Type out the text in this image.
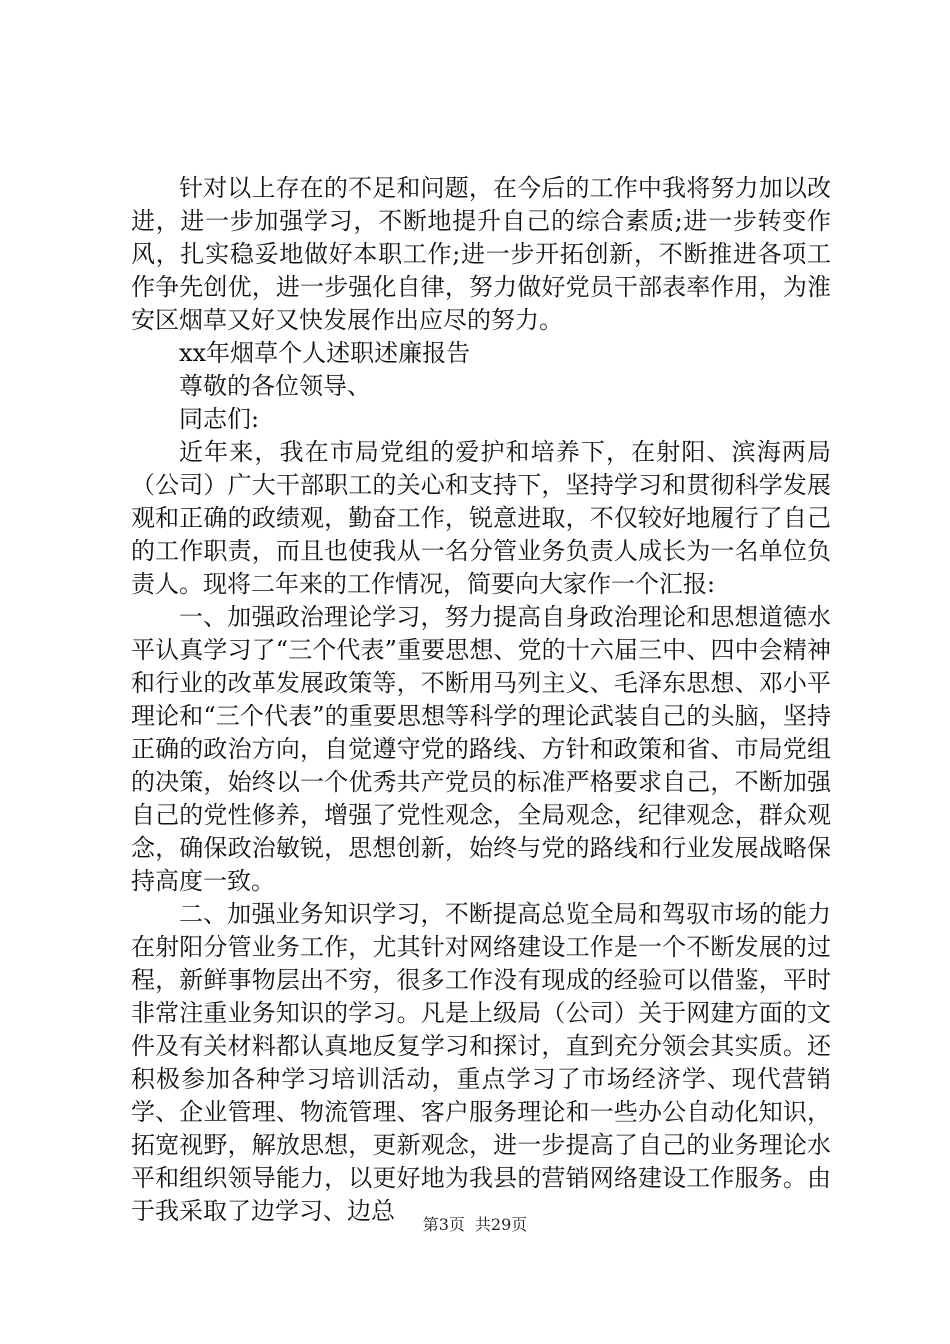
针对以上存在的不足和问题，在今后的工作中我将努力加以改进，进一步加强学习，不断地提升自己的综合素质;进一步转变作风，扎实稳妥地做好本职工作;进一步开拓创新，不断推进各项工作争先创优，进一步强化自律，努力做好党员干部表率作用，为淮安区烟草又好又快发展作出应尽的努力。

xx年烟草个人述职述廉报告

尊敬的各位领导、

同志们:

近年来，我在市局党组的爱护和培养下，在射阳、滨海两局（公司）广大干部职工的关心和支持下，坚持学习和贯彻科学发展观和正确的政绩观，勤奋工作，锐意进取，不仅较好地履行了自己的工作职责，而且也使我从一名分管业务负责人成长为一名单位负责人。现将二年来的工作情况，简要向大家作一个汇报:

一、加强政治理论学习，努力提高自身政治理论和思想道德水平认真学习了“三个代表”重要思想、党的十六届三中、四中会精神和行业的改革发展政策等，不断用马列主义、毛泽东思想、邓小平理论和“三个代表”的重要思想等科学的理论武装自己的头脑，坚持正确的政治方向，自觉遵守党的路线、方针和政策和省、市局党组的决策，始终以一个优秀共产党员的标准严格要求自己，不断加强自己的党性修养，增强了党性观念，全局观念，纪律观念，群众观念，确保政治敏锐，思想创新，始终与党的路线和行业发展战略保持高度一致。

二、加强业务知识学习，不断提高总览全局和驾驭市场的能力在射阳分管业务工作，尤其针对网络建设工作是一个不断发展的过程，新鲜事物层出不穷，很多工作没有现成的经验可以借鉴，平时非常注重业务知识的学习。凡是上级局（公司）关于网建方面的文件及有关材料都认真地反复学习和探讨，直到充分领会其实质。还积极参加各种学习培训活动，重点学习了市场经济学、现代营销学、企业管理、物流管理、客户服务理论和一些办公自动化知识，拓宽视野，解放思想，更新观念，进一步提高了自己的业务理论水平和组织领导能力，以更好地为我县的营销网络建设工作服务。由于我采取了边学习、边总	第3页 共29页
